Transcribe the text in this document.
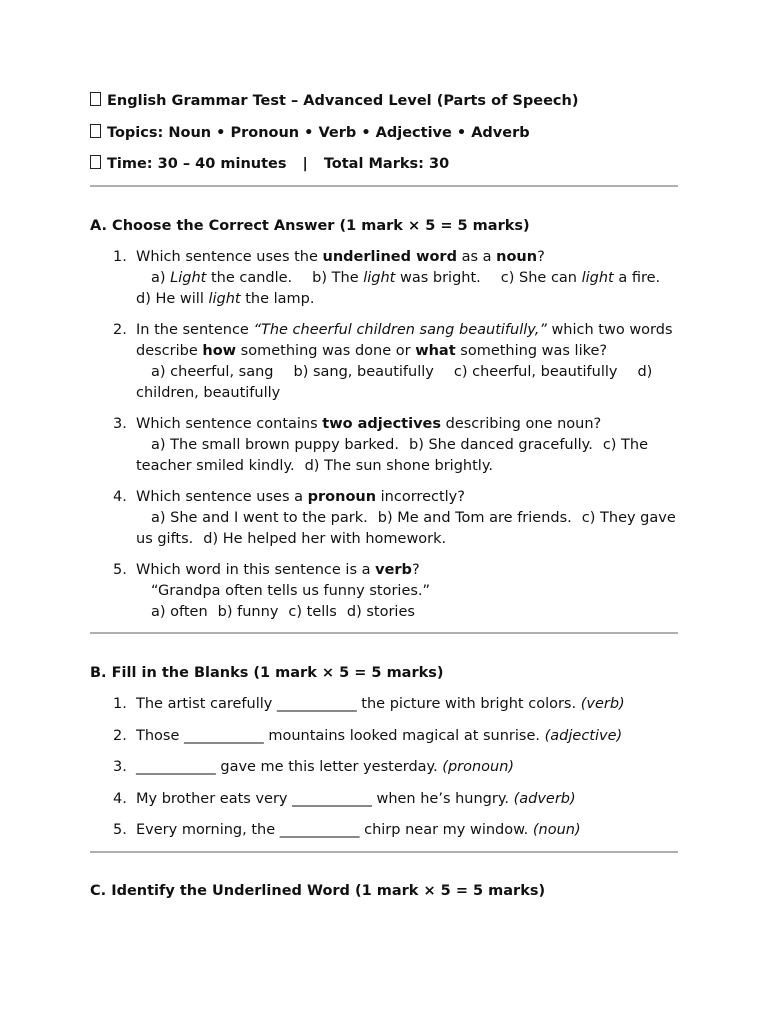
English Grammar Test – Advanced Level (Parts of Speech)
Topics: Noun • Pronoun • Verb • Adjective • Adverb
Time: 30 – 40 minutes | Total Marks: 30
A. Choose the Correct Answer (1 mark × 5 = 5 marks)
1. Which sentence uses the underlined word as a noun?
a) Light the candle. b) The light was bright. c) She can light a fire.d) He will light the lamp.
2. In the sentence “The cheerful children sang beautifully,” which two words describe how something was done or what something was like?
a) cheerful, sang b) sang, beautifully c) cheerful, beautifully d) children, beautifully
3. Which sentence contains two adjectives describing one noun?
a) The small brown puppy barked. b) She danced gracefully. c) The teacher smiled kindly. d) The sun shone brightly.
4. Which sentence uses a pronoun incorrectly?
a) She and I went to the park. b) Me and Tom are friends. c) They gave us gifts. d) He helped her with homework.
5. Which word in this sentence is a verb?
“Grandpa often tells us funny stories.”
a) often b) funny c) tells d) stories
B. Fill in the Blanks (1 mark × 5 = 5 marks)
1. The artist carefully ___________ the picture with bright colors. (verb)
2. Those ___________ mountains looked magical at sunrise. (adjective)
3. ___________ gave me this letter yesterday. (pronoun)
4. My brother eats very ___________ when he’s hungry. (adverb)
5. Every morning, the ___________ chirp near my window. (noun)
C. Identify the Underlined Word (1 mark × 5 = 5 marks)
